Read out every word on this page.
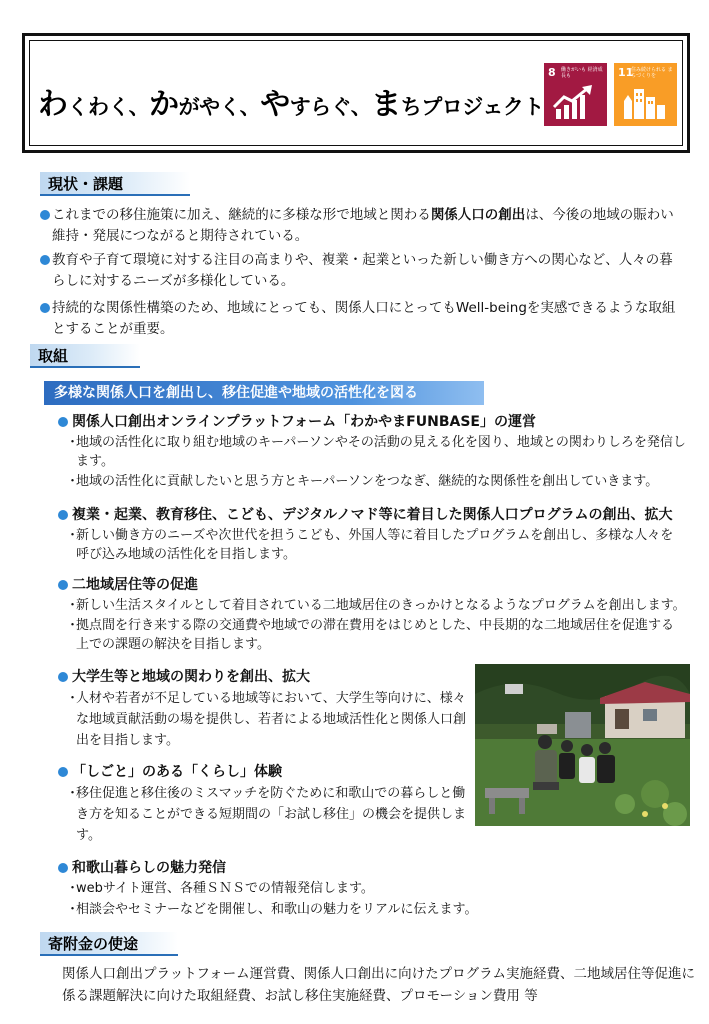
わくわく、かがやく、やすらぐ、まちプロジェクト
8 働きがいも 経済成長も	11
住み続けられる まちづくりを
現状・課題
これまでの移住施策に加え、継続的に多様な形で地域と関わる関係人口の創出は、今後の地域の賑わい維持・発展につながると期待されている。
教育や子育て環境に対する注目の高まりや、複業・起業といった新しい働き方への関心など、人々の暮らしに対するニーズが多様化している。
持続的な関係性構築のため、地域にとっても、関係人口にとってもWell-beingを実感できるような取組とすることが重要。
取組
多様な関係人口を創出し、移住促進や地域の活性化を図る
関係人口創出オンラインプラットフォーム「わかやまFUNBASE」の運営
・
地域の活性化に取り組む地域のキーパーソンやその活動の見える化を図り、地域との関わりしろを発信します。
・
地域の活性化に貢献したいと思う方とキーパーソンをつなぎ、継続的な関係性を創出していきます。
複業・起業、教育移住、こども、デジタルノマド等に着目した関係人口プログラムの創出、拡大
・
新しい働き方のニーズや次世代を担うこども、外国人等に着目したプログラムを創出し、多様な人々を呼び込み地域の活性化を目指します。
二地域居住等の促進
・
新しい生活スタイルとして着目されている二地域居住のきっかけとなるようなプログラムを創出します。
・
拠点間を行き来する際の交通費や地域での滞在費用をはじめとした、中長期的な二地域居住を促進する上での課題の解決を目指します。
大学生等と地域の関わりを創出、拡大
・
人材や若者が不足している地域等において、大学生等向けに、様々な地域貢献活動の場を提供し、若者による地域活性化と関係人口創出を目指します。
「しごと」のある「くらし」体験
・
移住促進と移住後のミスマッチを防ぐために和歌山での暮らしと働き方を知ることができる短期間の「お試し移住」の機会を提供します。
和歌山暮らしの魅力発信
・
webサイト運営、各種ＳＮＳでの情報発信します。
・
相談会やセミナーなどを開催し、和歌山の魅力をリアルに伝えます。
寄附金の使途
関係人口創出プラットフォーム運営費、関係人口創出に向けたプログラム実施経費、二地域居住等促進に係る課題解決に向けた取組経費、お試し移住実施経費、プロモーション費用 等
